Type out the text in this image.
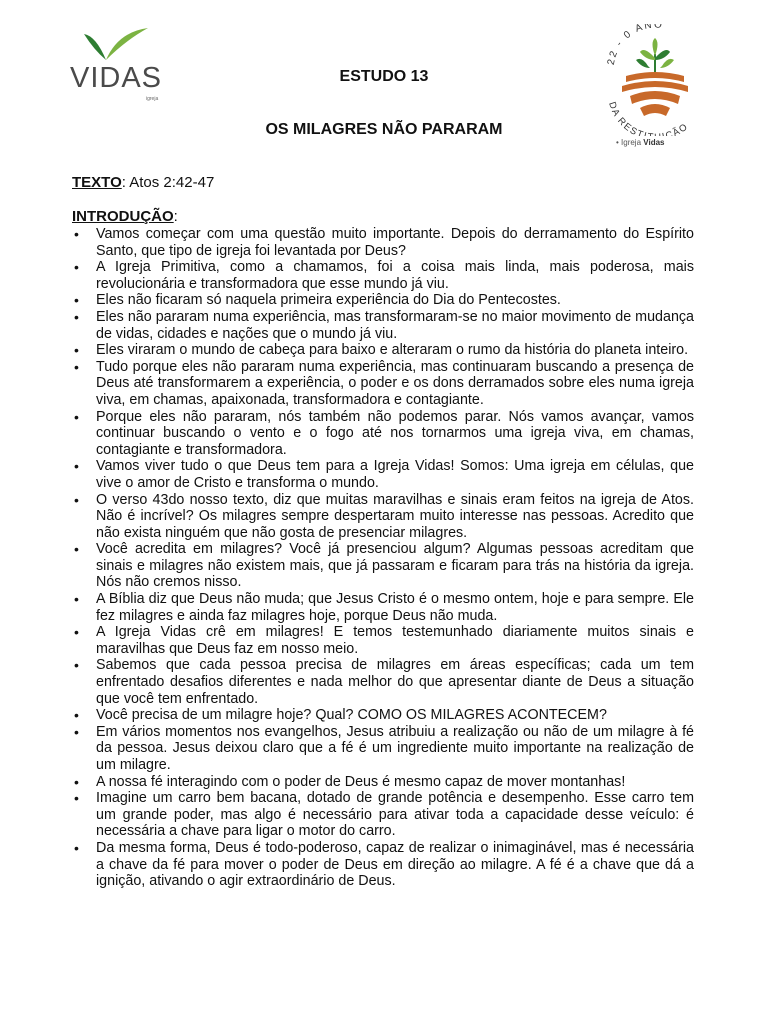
VIDAS
igreja
22 - 0 ANO
DA REST ÇÃO
• Igreja Vidas
ESTUDO 13
OS MILAGRES NÃO PARARAM
TEXTO: Atos 2:42-47
INTRODUÇÃO:
• Vamos começar com uma questão muito importante. Depois do derramamento do Espírito Santo, que tipo de igreja foi levantada por Deus?
• A Igreja Primitiva, como a chamamos, foi a coisa mais linda, mais poderosa, mais revolucionária e transformadora que esse mundo já viu.
• Eles não ficaram só naquela primeira experiência do Dia do Pentecostes.
• Eles não pararam numa experiência, mas transformaram-se no maior movimento de mudança de vidas, cidades e nações que o mundo já viu.
• Eles viraram o mundo de cabeça para baixo e alteraram o rumo da história do planeta inteiro.
• Tudo porque eles não pararam numa experiência, mas continuaram buscando a presença de Deus até transformarem a experiência, o poder e os dons derramados sobre eles numa igreja viva, em chamas, apaixonada, transformadora e contagiante.
• Porque eles não pararam, nós também não podemos parar. Nós vamos avançar, vamos continuar buscando o vento e o fogo até nos tornarmos uma igreja viva, em chamas, contagiante e transformadora.
• Vamos viver tudo o que Deus tem para a Igreja Vidas! Somos: Uma igreja em células, que vive o amor de Cristo e transforma o mundo.
• O verso 43do nosso texto, diz que muitas maravilhas e sinais eram feitos na igreja de Atos. Não é incrível? Os milagres sempre despertaram muito interesse nas pessoas. Acredito que não exista ninguém que não gosta de presenciar milagres.
• Você acredita em milagres? Você já presenciou algum? Algumas pessoas acreditam que sinais e milagres não existem mais, que já passaram e ficaram para trás na história da igreja. Nós não cremos nisso.
• A Bíblia diz que Deus não muda; que Jesus Cristo é o mesmo ontem, hoje e para sempre. Ele fez milagres e ainda faz milagres hoje, porque Deus não muda.
• A Igreja Vidas crê em milagres! E temos testemunhado diariamente muitos sinais e maravilhas que Deus faz em nosso meio.
• Sabemos que cada pessoa precisa de milagres em áreas específicas; cada um tem enfrentado desafios diferentes e nada melhor do que apresentar diante de Deus a situação que você tem enfrentado.
• Você precisa de um milagre hoje? Qual? COMO OS MILAGRES ACONTECEM?
• Em vários momentos nos evangelhos, Jesus atribuiu a realização ou não de um milagre à fé da pessoa. Jesus deixou claro que a fé é um ingrediente muito importante na realização de um milagre.
• A nossa fé interagindo com o poder de Deus é mesmo capaz de mover montanhas!
• Imagine um carro bem bacana, dotado de grande potência e desempenho. Esse carro tem um grande poder, mas algo é necessário para ativar toda a capacidade desse veículo: é necessária a chave para ligar o motor do carro.
• Da mesma forma, Deus é todo-poderoso, capaz de realizar o inimaginável, mas é necessária a chave da fé para mover o poder de Deus em direção ao milagre. A fé é a chave que dá a ignição, ativando o agir extraordinário de Deus.
